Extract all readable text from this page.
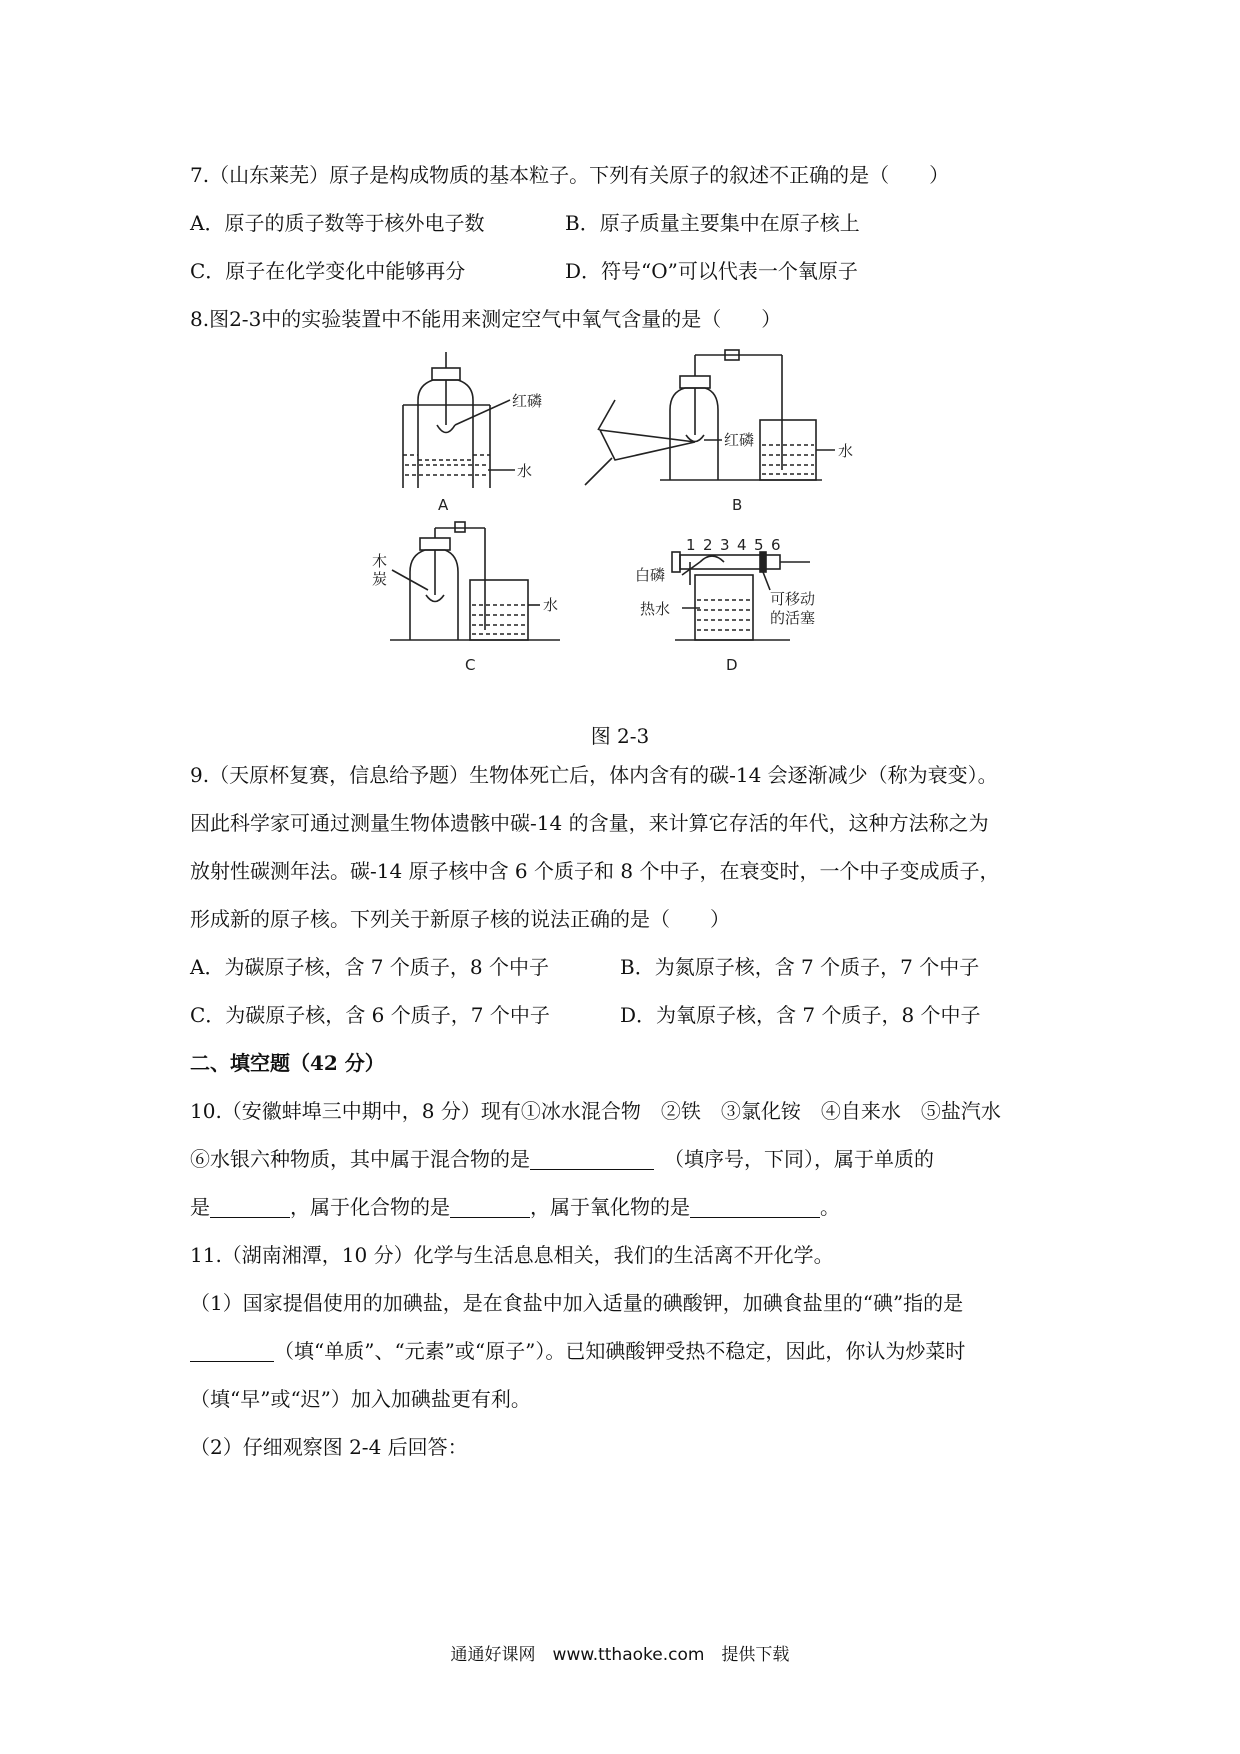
7.（山东莱芜）原子是构成物质的基本粒子。下列有关原子的叙述不正确的是（　　）
A．原子的质子数等于核外电子数	B．原子质量主要集中在原子核上
C．原子在化学变化中能够再分	D．符号“O”可以代表一个氧原子
8.图2-3中的实验装置中不能用来测定空气中氧气含量的是（　　）
红磷
水
A
红磷
水
B
木
炭
水
C
1 2 3 4 5 6
白磷
热水
可移动
的活塞
D
图 2-3
9.（天原杯复赛，信息给予题）生物体死亡后，体内含有的碳-14 会逐渐减少（称为衰变）。
因此科学家可通过测量生物体遗骸中碳-14 的含量，来计算它存活的年代，这种方法称之为
放射性碳测年法。碳-14 原子核中含 6 个质子和 8 个中子，在衰变时，一个中子变成质子，
形成新的原子核。下列关于新原子核的说法正确的是（　　）
A．为碳原子核，含 7 个质子，8 个中子	B．为氮原子核，含 7 个质子，7 个中子
C．为碳原子核，含 6 个质子，7 个中子	D．为氧原子核，含 7 个质子，8 个中子
二、填空题（42 分）
10.（安徽蚌埠三中期中，8 分）现有①冰水混合物　②铁　③氯化铵　④自来水　⑤盐汽水
⑥水银六种物质，其中属于混合物的是　	（填序号，下同），属于单质的
是	，属于化合物的是	，属于氧化物的是	。
11.（湖南湘潭，10 分）化学与生活息息相关，我们的生活离不开化学。
（1）国家提倡使用的加碘盐，是在食盐中加入适量的碘酸钾，加碘食盐里的“碘”指的是
（填“单质”、“元素”或“原子”）。已知碘酸钾受热不稳定，因此，你认为炒菜时
（填“早”或“迟”）加入加碘盐更有利。
（2）仔细观察图 2-4 后回答：
通通好课网　www.tthaoke.com　提供下载
